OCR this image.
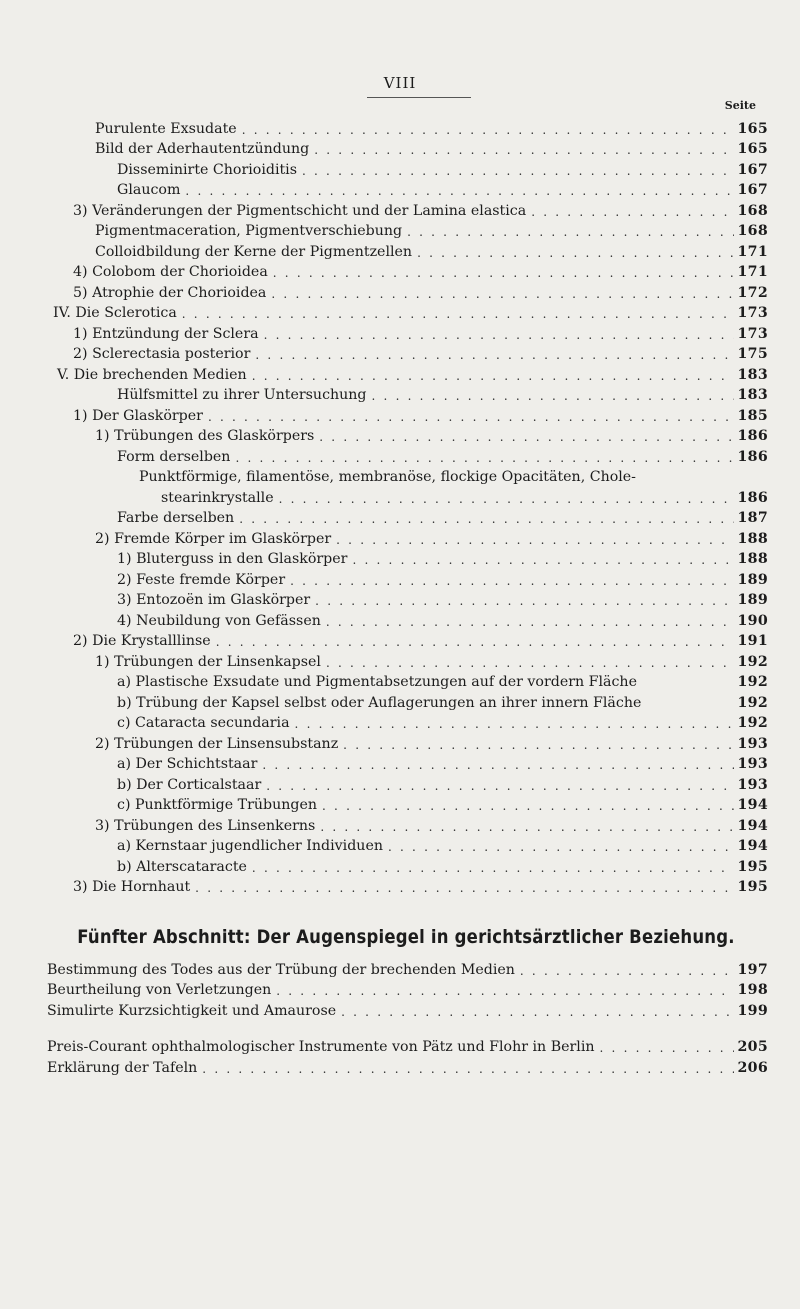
VIII
Seite
Purulente Exsudate . . .	165
Bild der Aderhautentzündung . . .	165
Disseminirte Chorioiditis . . .	167
Glaucom . . .	167
3) Veränderungen der Pigmentschicht und der Lamina elastica . . .	168
Pigmentmaceration, Pigmentverschiebung . . .	168
Colloidbildung der Kerne der Pigmentzellen . . .	171
4) Colobom der Chorioidea . . .	171
5) Atrophie der Chorioidea . . .	172
IV. Die Sclerotica . . .	173
1) Entzündung der Sclera . . .	173
2) Sclerectasia posterior . . .	175
V. Die brechenden Medien . . .	183
Hülfsmittel zu ihrer Untersuchung . . .	183
1) Der Glaskörper . . .	185
1) Trübungen des Glaskörpers . . .	186
Form derselben . . .	186
Punktförmige, filamentöse, membranöse, flockige Opacitäten, Chole-
stearinkrystalle . . .	186
Farbe derselben . . .	187
2) Fremde Körper im Glaskörper . . .	188
1) Bluterguss in den Glaskörper . . .	188
2) Feste fremde Körper . . .	189
3) Entozoën im Glaskörper . . .	189
4) Neubildung von Gefässen . . .	190
2) Die Krystalllinse . . .	191
1) Trübungen der Linsenkapsel . . .	192
a) Plastische Exsudate und Pigmentabsetzungen auf der vordern Fläche	192
b) Trübung der Kapsel selbst oder Auflagerungen an ihrer innern Fläche	192
c) Cataracta secundaria . . .	192
2) Trübungen der Linsensubstanz . . .	193
a) Der Schichtstaar . . .	193
b) Der Corticalstaar . . .	193
c) Punktförmige Trübungen . . .	194
3) Trübungen des Linsenkerns . . .	194
a) Kernstaar jugendlicher Individuen . . .	194
b) Alterscataracte . . .	195
3) Die Hornhaut . . .	195
Fünfter Abschnitt: Der Augenspiegel in gerichtsärztlicher Beziehung.
Bestimmung des Todes aus der Trübung der brechenden Medien . . .	197
Beurtheilung von Verletzungen . . .	198
Simulirte Kurzsichtigkeit und Amaurose . . .	199
Preis-Courant ophthalmologischer Instrumente von Pätz und Flohr in Berlin . . .	205
Erklärung der Tafeln . . .	206
